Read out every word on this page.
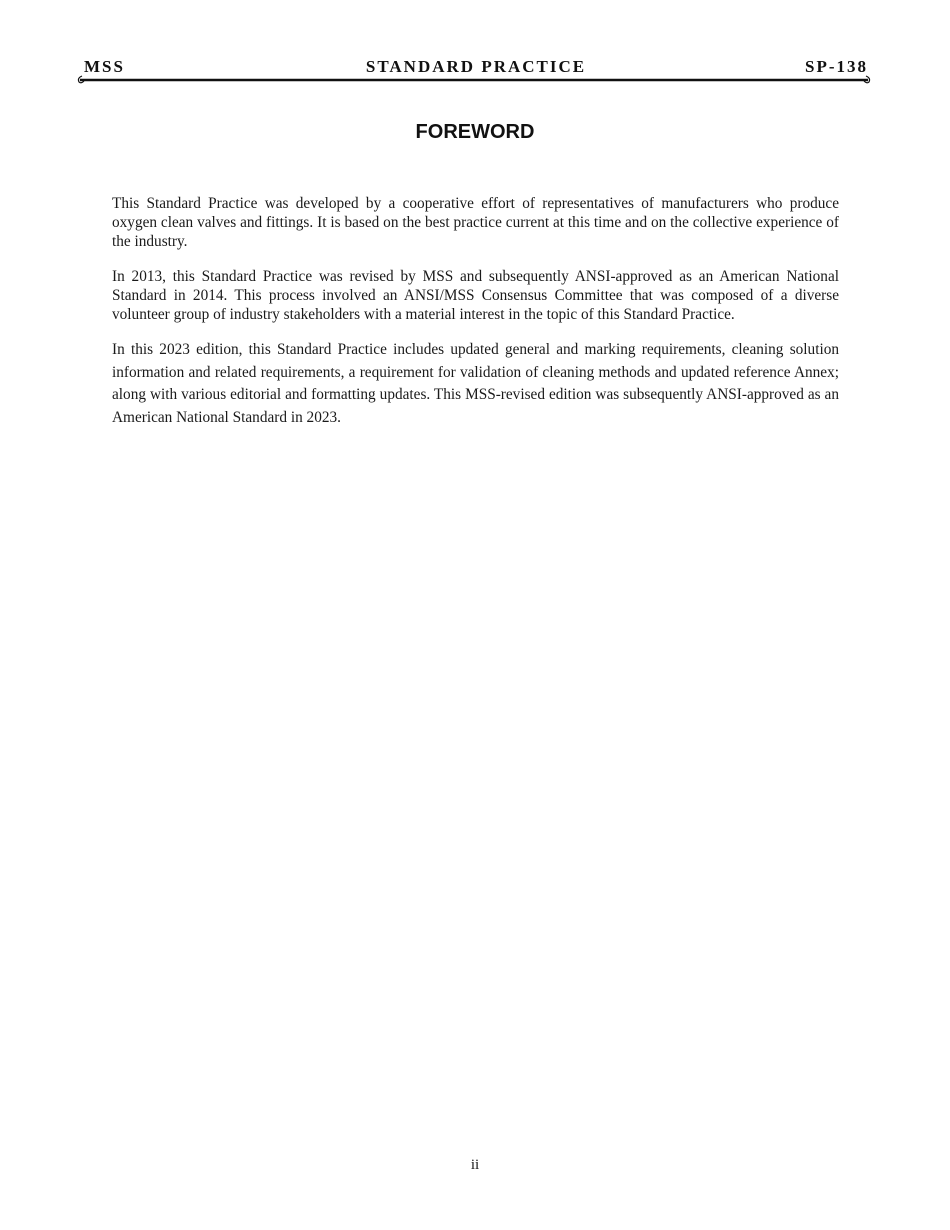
MSS	STANDARD PRACTICE	SP-138
FOREWORD

This Standard Practice was developed by a cooperative effort of representatives of manufacturers who produce oxygen clean valves and fittings. It is based on the best practice current at this time and on the collective experience of the industry.

In 2013, this Standard Practice was revised by MSS and subsequently ANSI-approved as an American National Standard in 2014. This process involved an ANSI/MSS Consensus Committee that was composed of a diverse volunteer group of industry stakeholders with a material interest in the topic of this Standard Practice.

In this 2023 edition, this Standard Practice includes updated general and marking requirements, cleaning solution information and related requirements, a requirement for validation of cleaning methods and updated reference Annex; along with various editorial and formatting updates. This MSS-revised edition was subsequently ANSI-approved as an American National Standard in 2023.

ii
